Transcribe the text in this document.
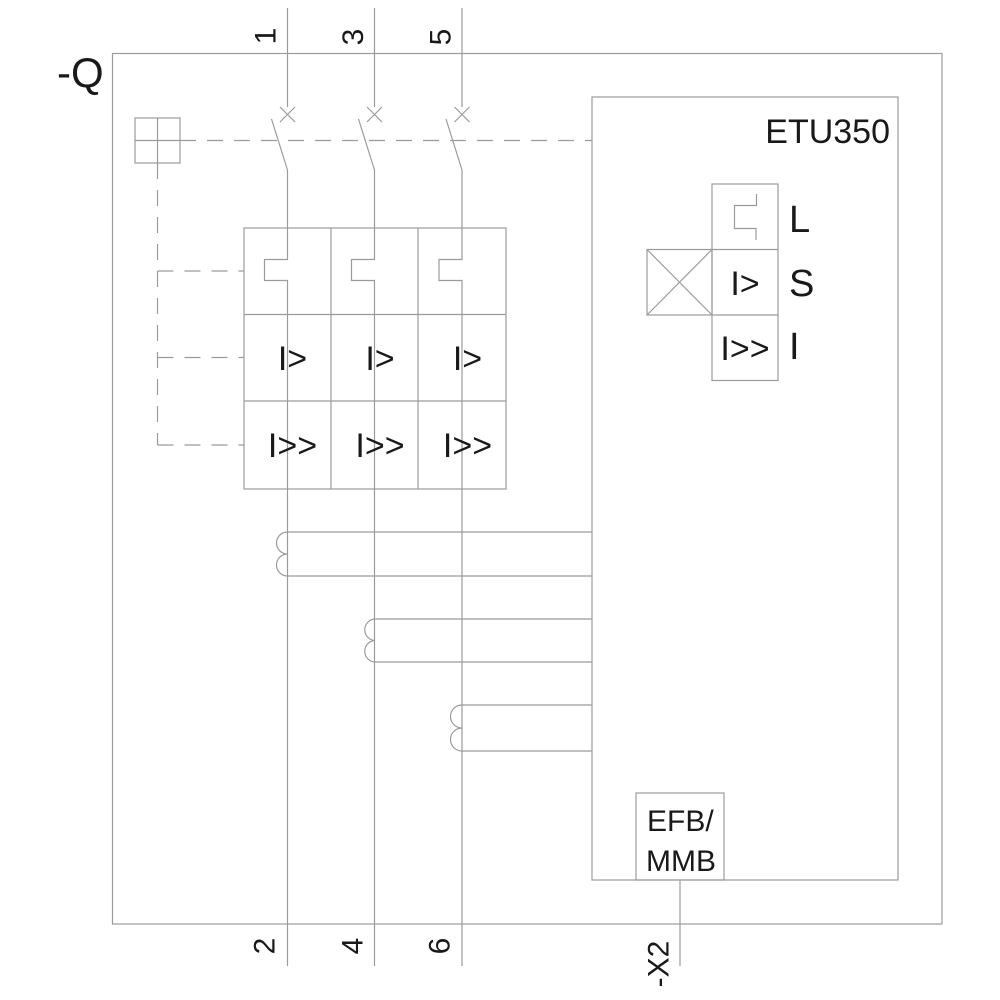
-Q
1 3 5
2 4 6
I> I> I>
I>> I>> I>>
ETU350
I>
I>>
L
S
I
EFB/
MMB
-X2
